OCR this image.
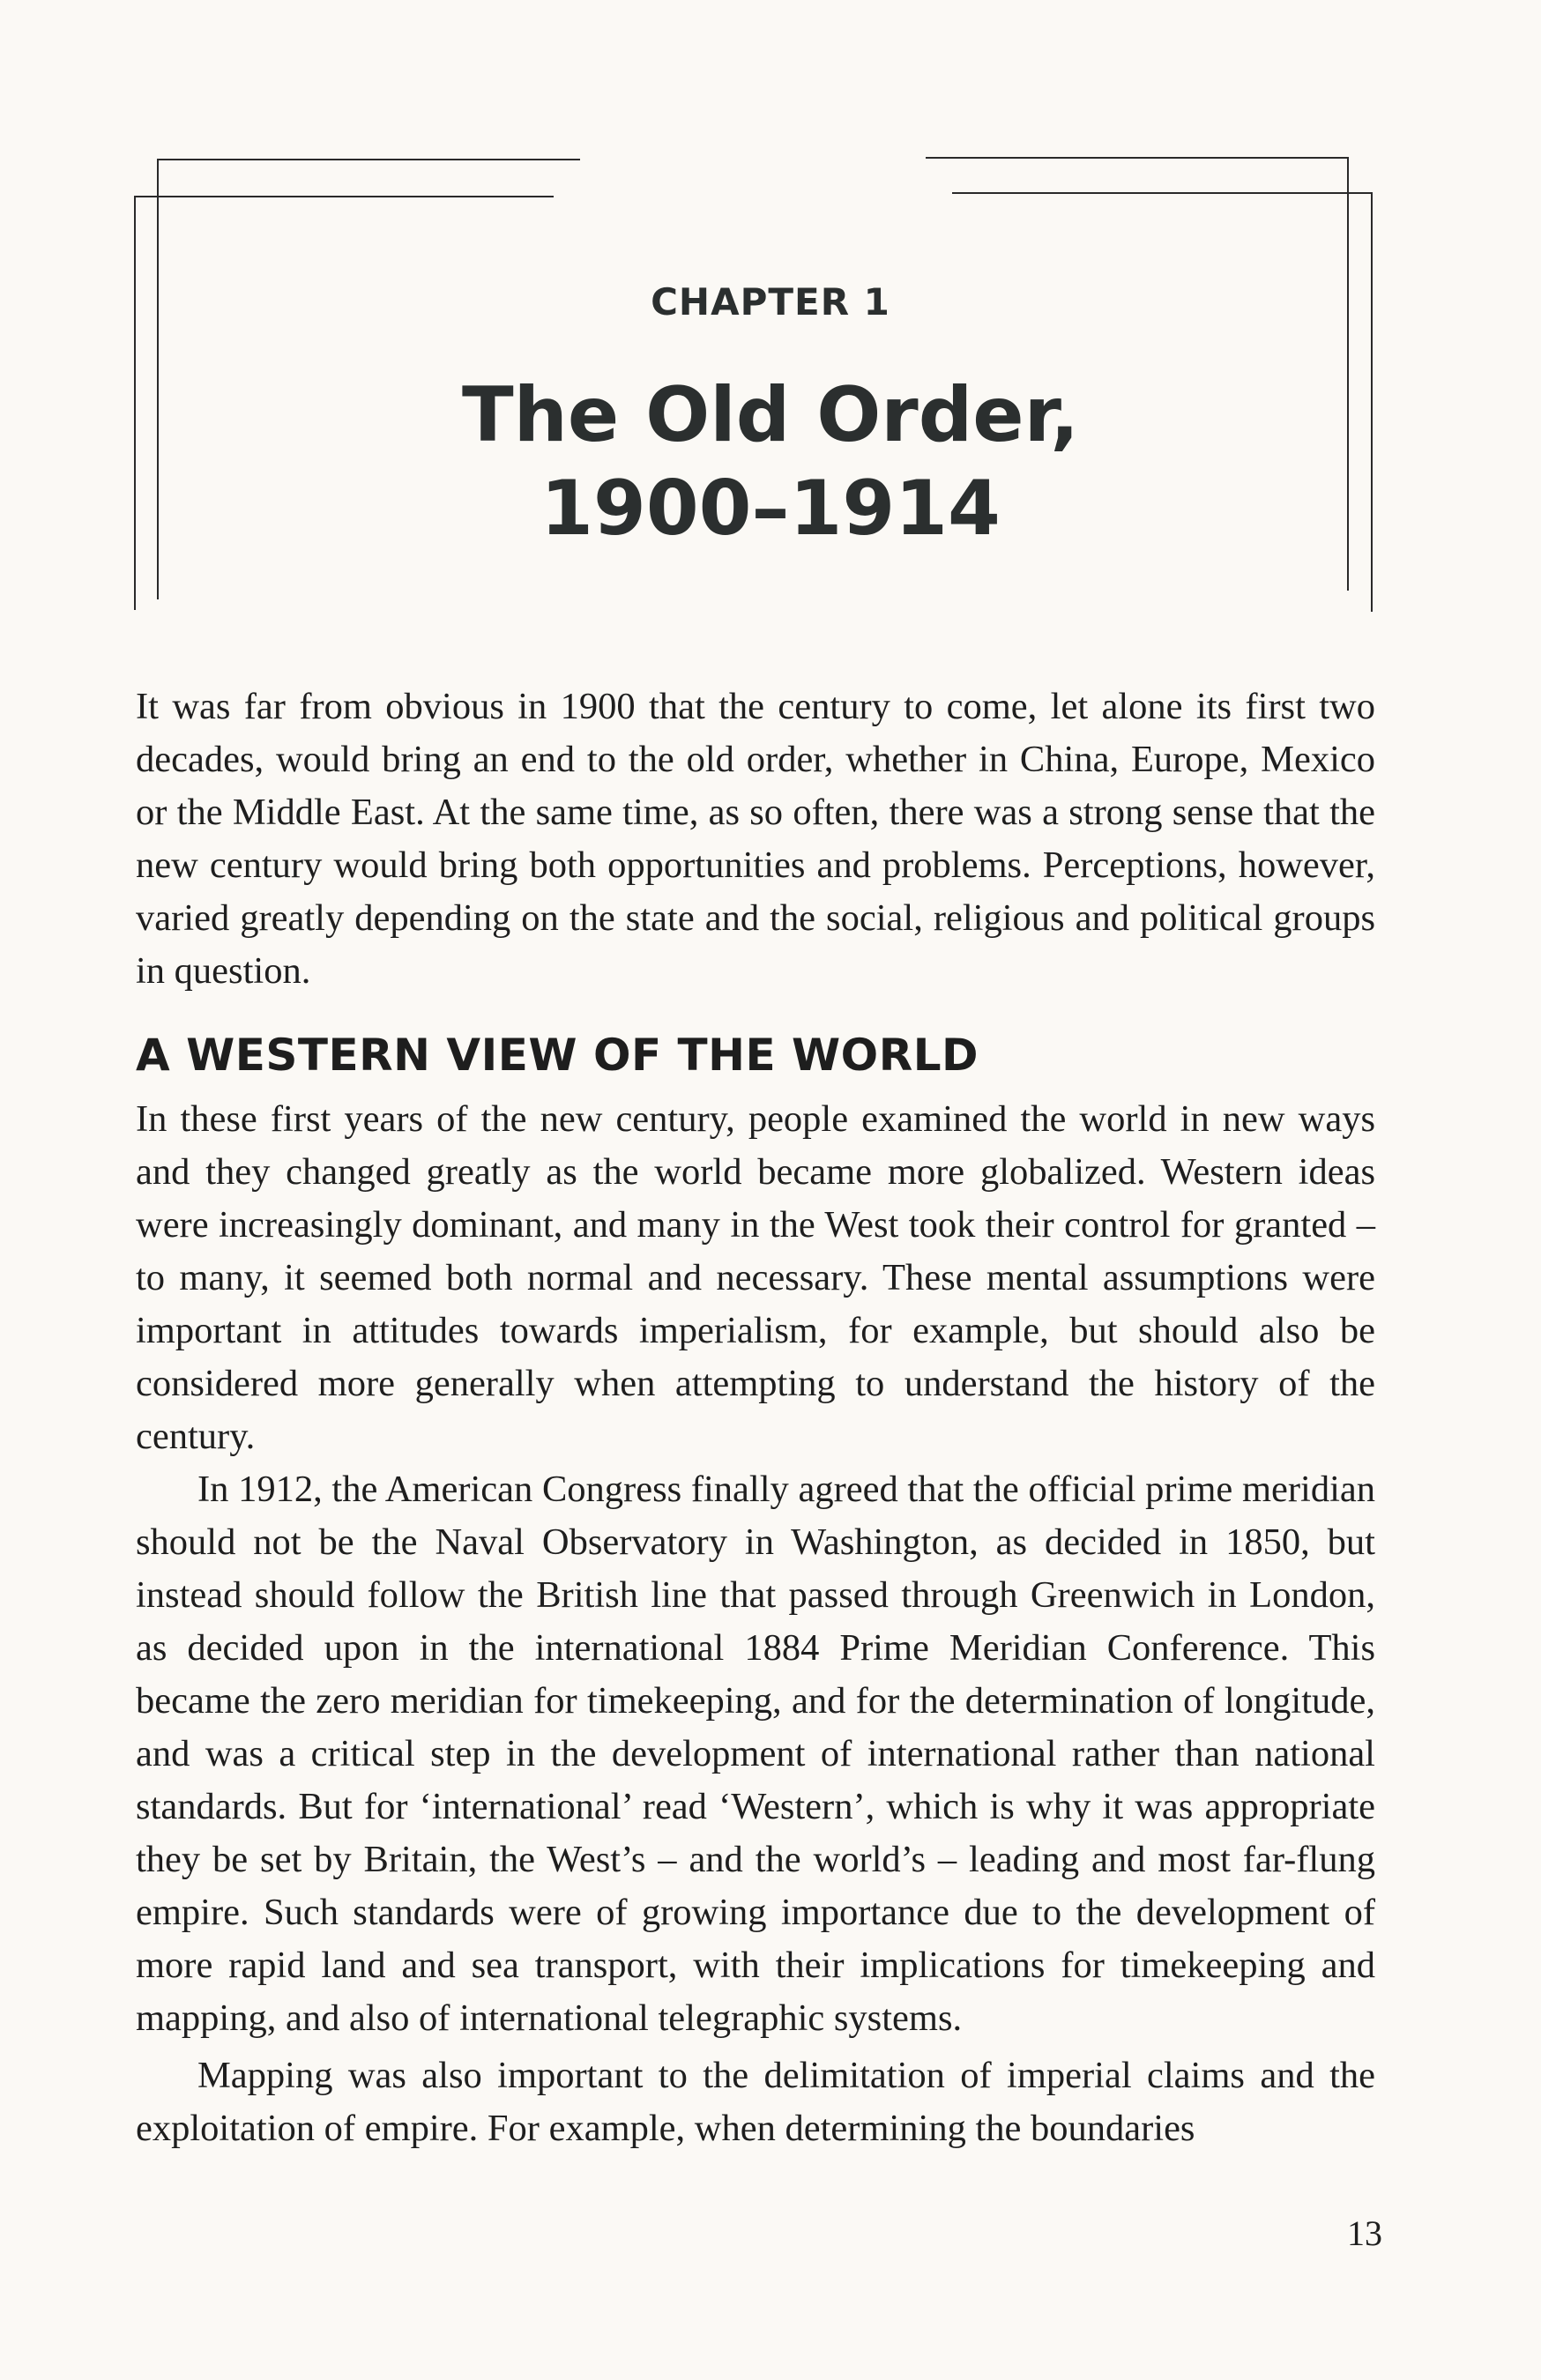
CHAPTER 1
The Old Order,
1900–1914

It was far from obvious in 1900 that the century to come, let alone its first two decades, would bring an end to the old order, whether in China, Europe, Mexico or the Middle East. At the same time, as so often, there was a strong sense that the new century would bring both opportunities and problems. Perceptions, however, varied greatly depending on the state and the social, religious and political groups in question.

A WESTERN VIEW OF THE WORLD

In these first years of the new century, people examined the world in new ways and they changed greatly as the world became more globalized. Western ideas were increasingly dominant, and many in the West took their control for granted – to many, it seemed both normal and necessary. These mental assumptions were important in attitudes towards imperialism, for example, but should also be considered more generally when attempting to understand the history of the century.

In 1912, the American Congress finally agreed that the official prime meridian should not be the Naval Observatory in Washington, as decided in 1850, but instead should follow the British line that passed through Greenwich in London, as decided upon in the international 1884 Prime Meridian Conference. This became the zero meridian for timekeeping, and for the determination of longitude, and was a critical step in the development of international rather than national standards. But for ‘international’ read ‘Western’, which is why it was appropriate they be set by Britain, the West’s – and the world’s – leading and most far-flung empire. Such standards were of growing importance due to the development of more rapid land and sea transport, with their implications for timekeeping and mapping, and also of international telegraphic systems.

Mapping was also important to the delimitation of imperial claims and the exploitation of empire. For example, when determining the boundaries

13
